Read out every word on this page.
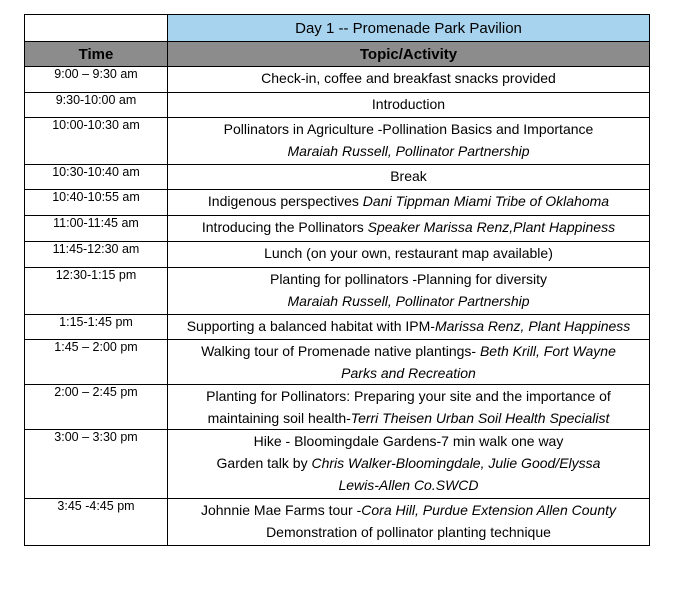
	Day 1 -- Promenade Park Pavilion
Time	Topic/Activity
9:00 – 9:30 am	Check-in, coffee and breakfast snacks provided

9:30-10:00 am	Introduction

10:00-10:30 am	Pollinators in Agriculture -Pollination Basics and Importance
Maraiah Russell, Pollinator Partnership

10:30-10:40 am	Break

10:40-10:55 am	Indigenous perspectives Dani Tippman Miami Tribe of Oklahoma

11:00-11:45 am	Introducing the Pollinators Speaker Marissa Renz,Plant Happiness

11:45-12:30 am	Lunch (on your own, restaurant map available)

12:30-1:15 pm	Planting for pollinators -Planning for diversity
Maraiah Russell, Pollinator Partnership

1:15-1:45 pm	Supporting a balanced habitat with IPM-Marissa Renz, Plant Happiness

1:45 – 2:00 pm	Walking tour of Promenade native plantings- Beth Krill, Fort Wayne
Parks and Recreation

2:00 – 2:45 pm	Planting for Pollinators: Preparing your site and the importance of
maintaining soil health-Terri Theisen Urban Soil Health Specialist

3:00 – 3:30 pm	Hike - Bloomingdale Gardens-7 min walk one way
Garden talk by Chris Walker-Bloomingdale, Julie Good/Elyssa
Lewis-Allen Co.SWCD

3:45 -4:45 pm	Johnnie Mae Farms tour -Cora Hill, Purdue Extension Allen County
Demonstration of pollinator planting technique
